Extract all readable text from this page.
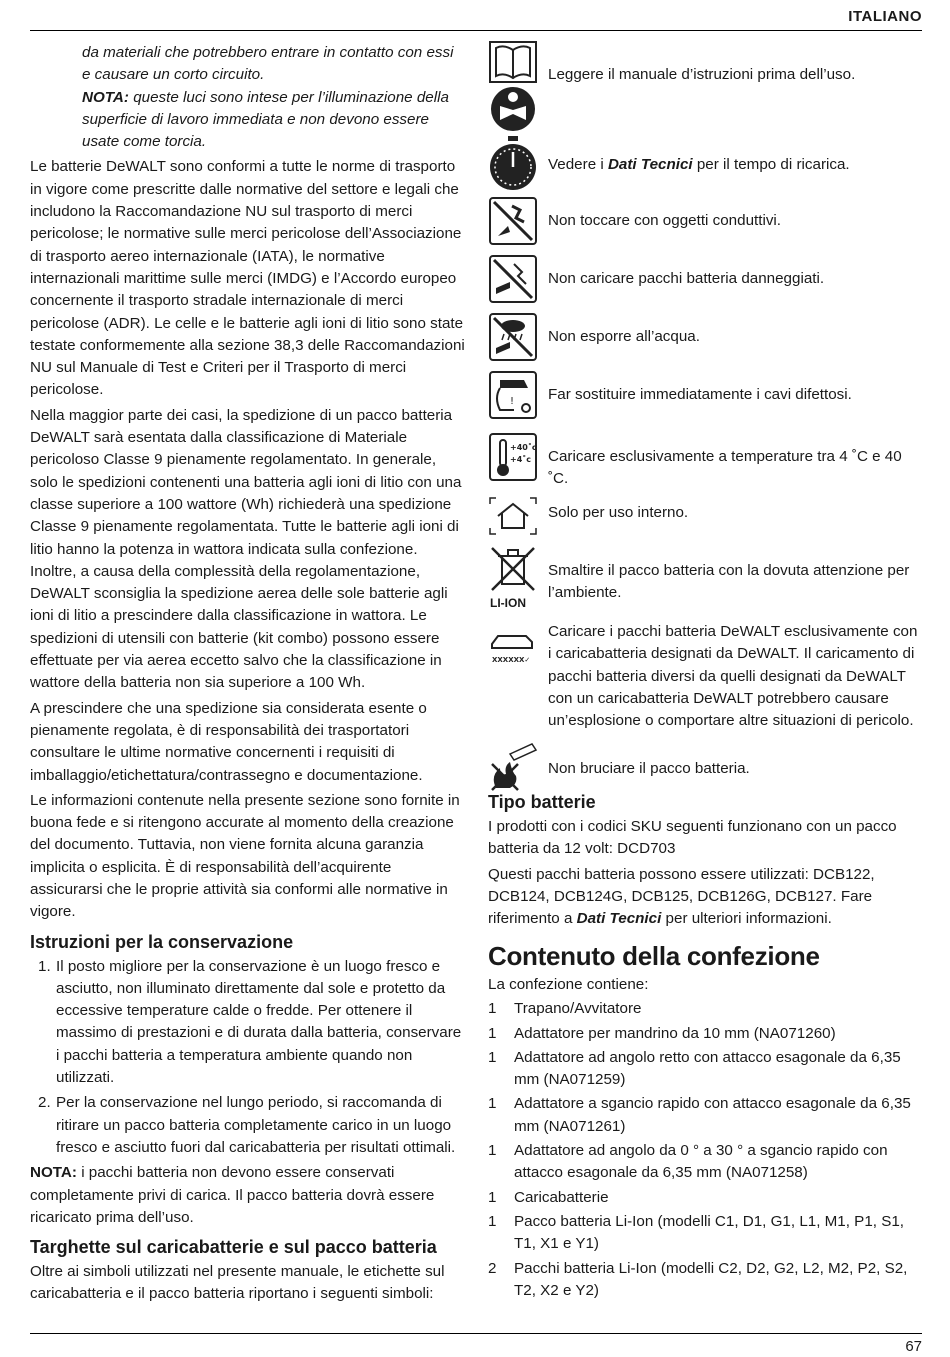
ITALIANO

da materiali che potrebbero entrare in contatto con essi e causare un corto circuito.
NOTA: queste luci sono intese per l’illuminazione della superficie di lavoro immediata e non devono essere usate come torcia.

Le batterie DeWALT sono conformi a tutte le norme di trasporto in vigore come prescritte dalle normative del settore e legali che includono la Raccomandazione NU sul trasporto di merci pericolose; le normative sulle merci pericolose dell’Associazione di trasporto aereo internazionale (IATA), le normative internazionali marittime sulle merci (IMDG) e l’Accordo europeo concernente il trasporto stradale internazionale di merci pericolose (ADR). Le celle e le batterie agli ioni di litio sono state testate conformemente alla sezione 38,3 delle Raccomandazioni NU sul Manuale di Test e Criteri per il Trasporto di merci pericolose.

Nella maggior parte dei casi, la spedizione di un pacco batteria DeWALT sarà esentata dalla classificazione di Materiale pericoloso Classe 9 pienamente regolamentato. In generale, solo le spedizioni contenenti una batteria agli ioni di litio con una classe superiore a 100 wattore (Wh) richiederà una spedizione Classe 9 pienamente regolamentata. Tutte le batterie agli ioni di litio hanno la potenza in wattora indicata sulla confezione. Inoltre, a causa della complessità della regolamentazione, DeWALT sconsiglia la spedizione aerea delle sole batterie agli ioni di litio a prescindere dalla classificazione in wattora. Le spedizioni di utensili con batterie (kit combo) possono essere effettuate per via aerea eccetto salvo che la classificazione in wattore della batteria non sia superiore a 100 Wh.

A prescindere che una spedizione sia considerata esente o pienamente regolata, è di responsabilità dei trasportatori consultare le ultime normative concernenti i requisiti di imballaggio/etichettatura/contrassegno e documentazione.

Le informazioni contenute nella presente sezione sono fornite in buona fede e si ritengono accurate al momento della creazione del documento. Tuttavia, non viene fornita alcuna garanzia implicita o esplicita. È di responsabilità dell’acquirente assicurarsi che le proprie attività sia conformi alle normative in vigore.

Istruzioni per la conservazione
1. Il posto migliore per la conservazione è un luogo fresco e asciutto, non illuminato direttamente dal sole e protetto da eccessive temperature calde o fredde. Per ottenere il massimo di prestazioni e di durata dalla batteria, conservare i pacchi batteria a temperatura ambiente quando non utilizzati.
2. Per la conservazione nel lungo periodo, si raccomanda di ritirare un pacco batteria completamente carico in un luogo fresco e asciutto fuori dal caricabatteria per risultati ottimali.

NOTA: i pacchi batteria non devono essere conservati completamente privi di carica. Il pacco batteria dovrà essere ricaricato prima dell’uso.

Targhette sul caricabatterie e sul pacco batteria

Oltre ai simboli utilizzati nel presente manuale, le etichette sul caricabatteria e il pacco batteria riportano i seguenti simboli:

Leggere il manuale d’istruzioni prima dell’uso.
Vedere i Dati Tecnici per il tempo di ricarica.
Non toccare con oggetti conduttivi.
Non caricare pacchi batteria danneggiati.
Non esporre all’acqua.
! Far sostituire immediatamente i cavi difettosi.
+40˚c
+4˚c Caricare esclusivamente a temperature tra 4 ˚C e 40 ˚C.
Solo per uso interno.
LI-ION
Smaltire il pacco batteria con la dovuta attenzione per l’ambiente.
XXXXXX✓
Caricare i pacchi batteria DeWALT esclusivamente con i caricabatteria designati da DeWALT. Il caricamento di pacchi batteria diversi da quelli designati da DeWALT con un caricabatteria DeWALT potrebbero causare un’esplosione o comportare altre situazioni di pericolo.
Non bruciare il pacco batteria.
Tipo batterie

I prodotti con i codici SKU seguenti funzionano con un pacco batteria da 12 volt: DCD703

Questi pacchi batteria possono essere utilizzati: DCB122, DCB124, DCB124G, DCB125, DCB126G, DCB127. Fare riferimento a Dati Tecnici per ulteriori informazioni.

Contenuto della confezione

La confezione contiene:

1 Trapano/Avvitatore
1 Adattatore per mandrino da 10 mm (NA071260)
1 Adattatore ad angolo retto con attacco esagonale da 6,35 mm (NA071259)
1 Adattatore a sgancio rapido con attacco esagonale da 6,35 mm (NA071261)
1 Adattatore ad angolo da 0 ° a 30 ° a sgancio rapido con attacco esagonale da 6,35 mm (NA071258)
1 Caricabatterie
1 Pacco batteria Li-Ion (modelli C1, D1, G1, L1, M1, P1, S1, T1, X1 e Y1)
2 Pacchi batteria Li-Ion (modelli C2, D2, G2, L2, M2, P2, S2, T2, X2 e Y2)
67
